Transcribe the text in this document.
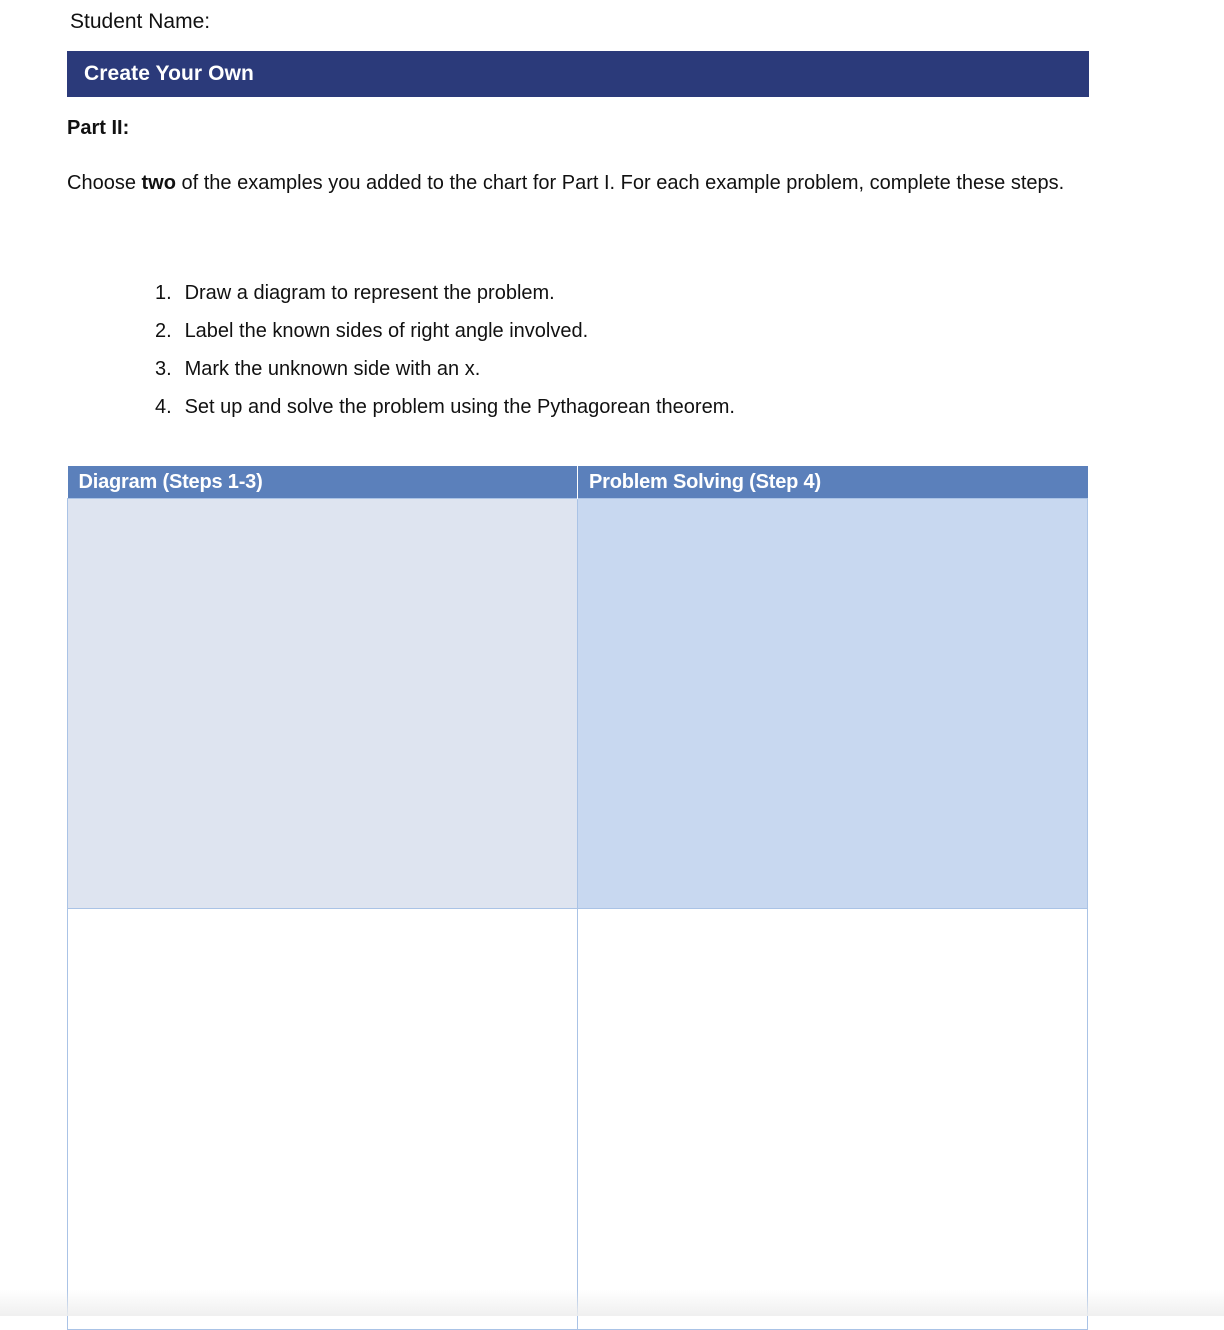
Student Name:
Create Your Own
Part II:

Choose two of the examples you added to the chart for Part I. For each example problem, complete these steps.

1. Draw a diagram to represent the problem.
2. Label the known sides of right angle involved.
3. Mark the unknown side with an x.
4. Set up and solve the problem using the Pythagorean theorem.
Diagram (Steps 1-3)	Problem Solving (Step 4)
